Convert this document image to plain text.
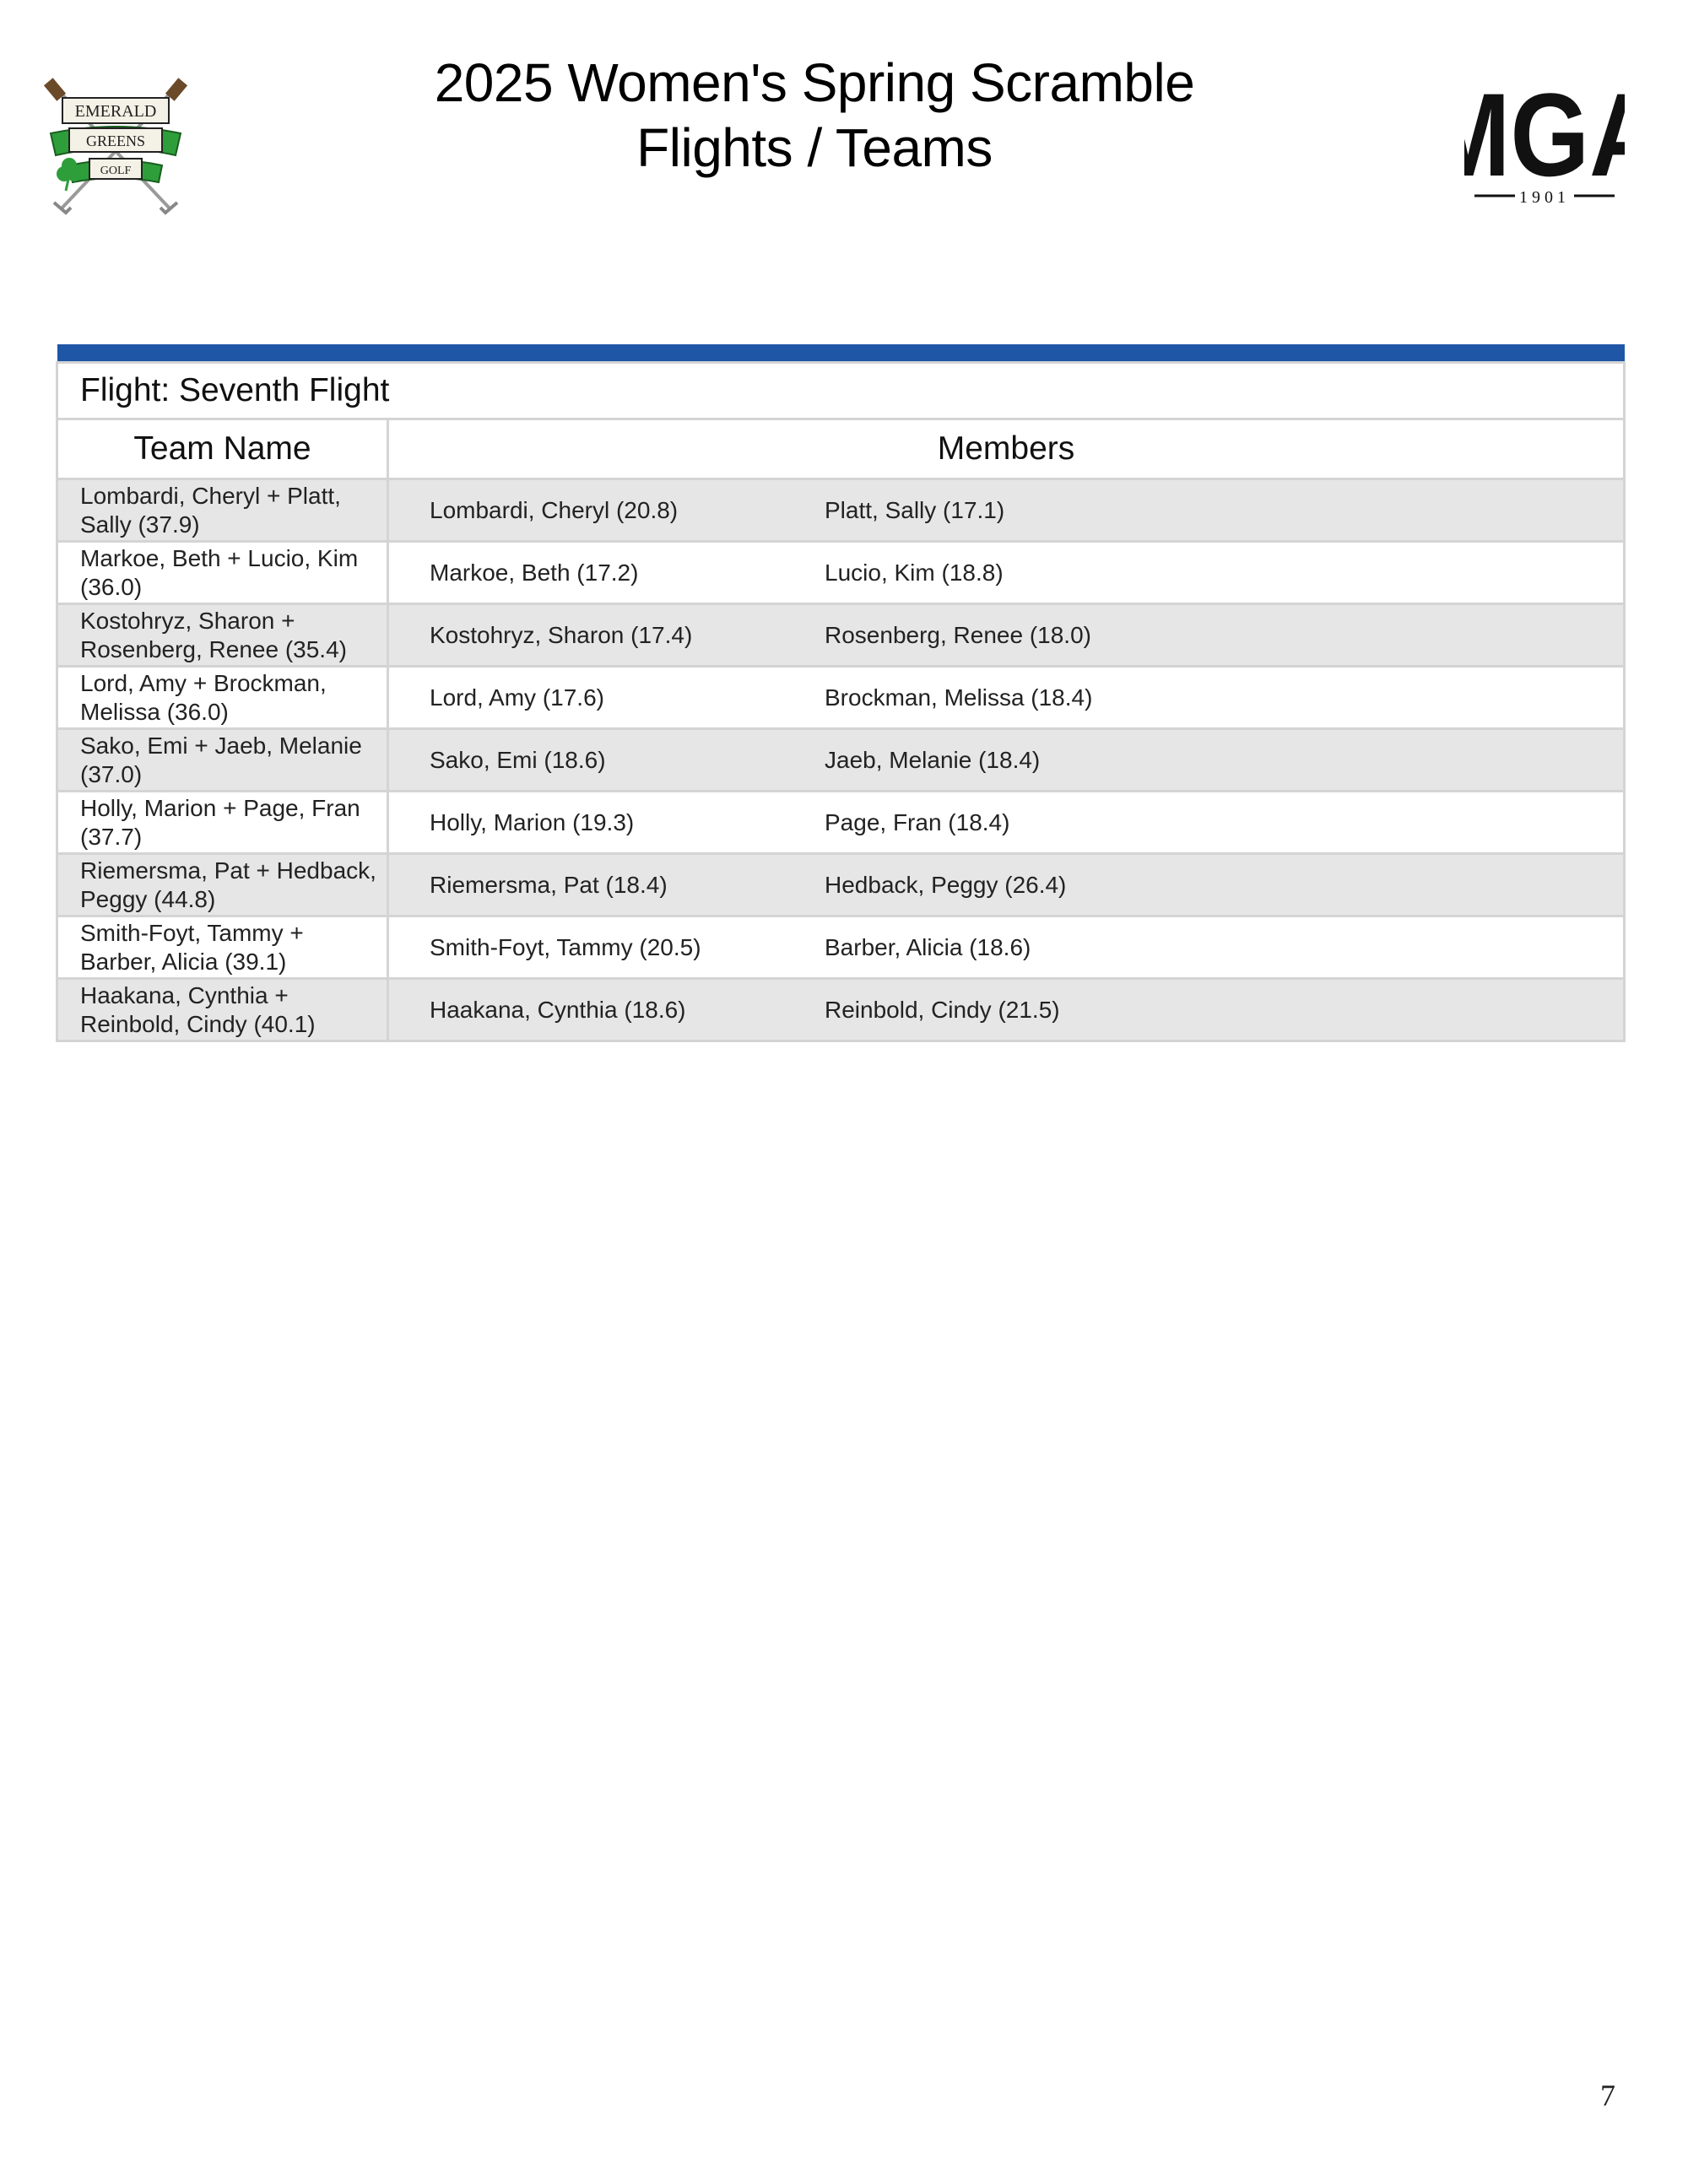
EMERALD
GREENS
GOLF
2025 Women's Spring Scramble
Flights / Teams	G
1901

Flight: Seventh Flight	
Team Name	Members
Lombardi, Cheryl + Platt, Sally (37.9)	Lombardi, Cheryl (20.8) Platt, Sally (17.1)

Markoe, Beth + Lucio, Kim (36.0)	Markoe, Beth (17.2) Lucio, Kim (18.8)

Kostohryz, Sharon + Rosenberg, Renee (35.4)	Kostohryz, Sharon (17.4) Rosenberg, Renee (18.0)

Lord, Amy + Brockman, Melissa (36.0)	Lord, Amy (17.6) Brockman, Melissa (18.4)

Sako, Emi + Jaeb, Melanie (37.0)	Sako, Emi (18.6) Jaeb, Melanie (18.4)

Holly, Marion + Page, Fran (37.7)	Holly, Marion (19.3) Page, Fran (18.4)

Riemersma, Pat + Hedback, Peggy (44.8)	Riemersma, Pat (18.4) Hedback, Peggy (26.4)

Smith-Foyt, Tammy + Barber, Alicia (39.1)	Smith-Foyt, Tammy (20.5) Barber, Alicia (18.6)

Haakana, Cynthia + Reinbold, Cindy (40.1)	Haakana, Cynthia (18.6) Reinbold, Cindy (21.5)
7
